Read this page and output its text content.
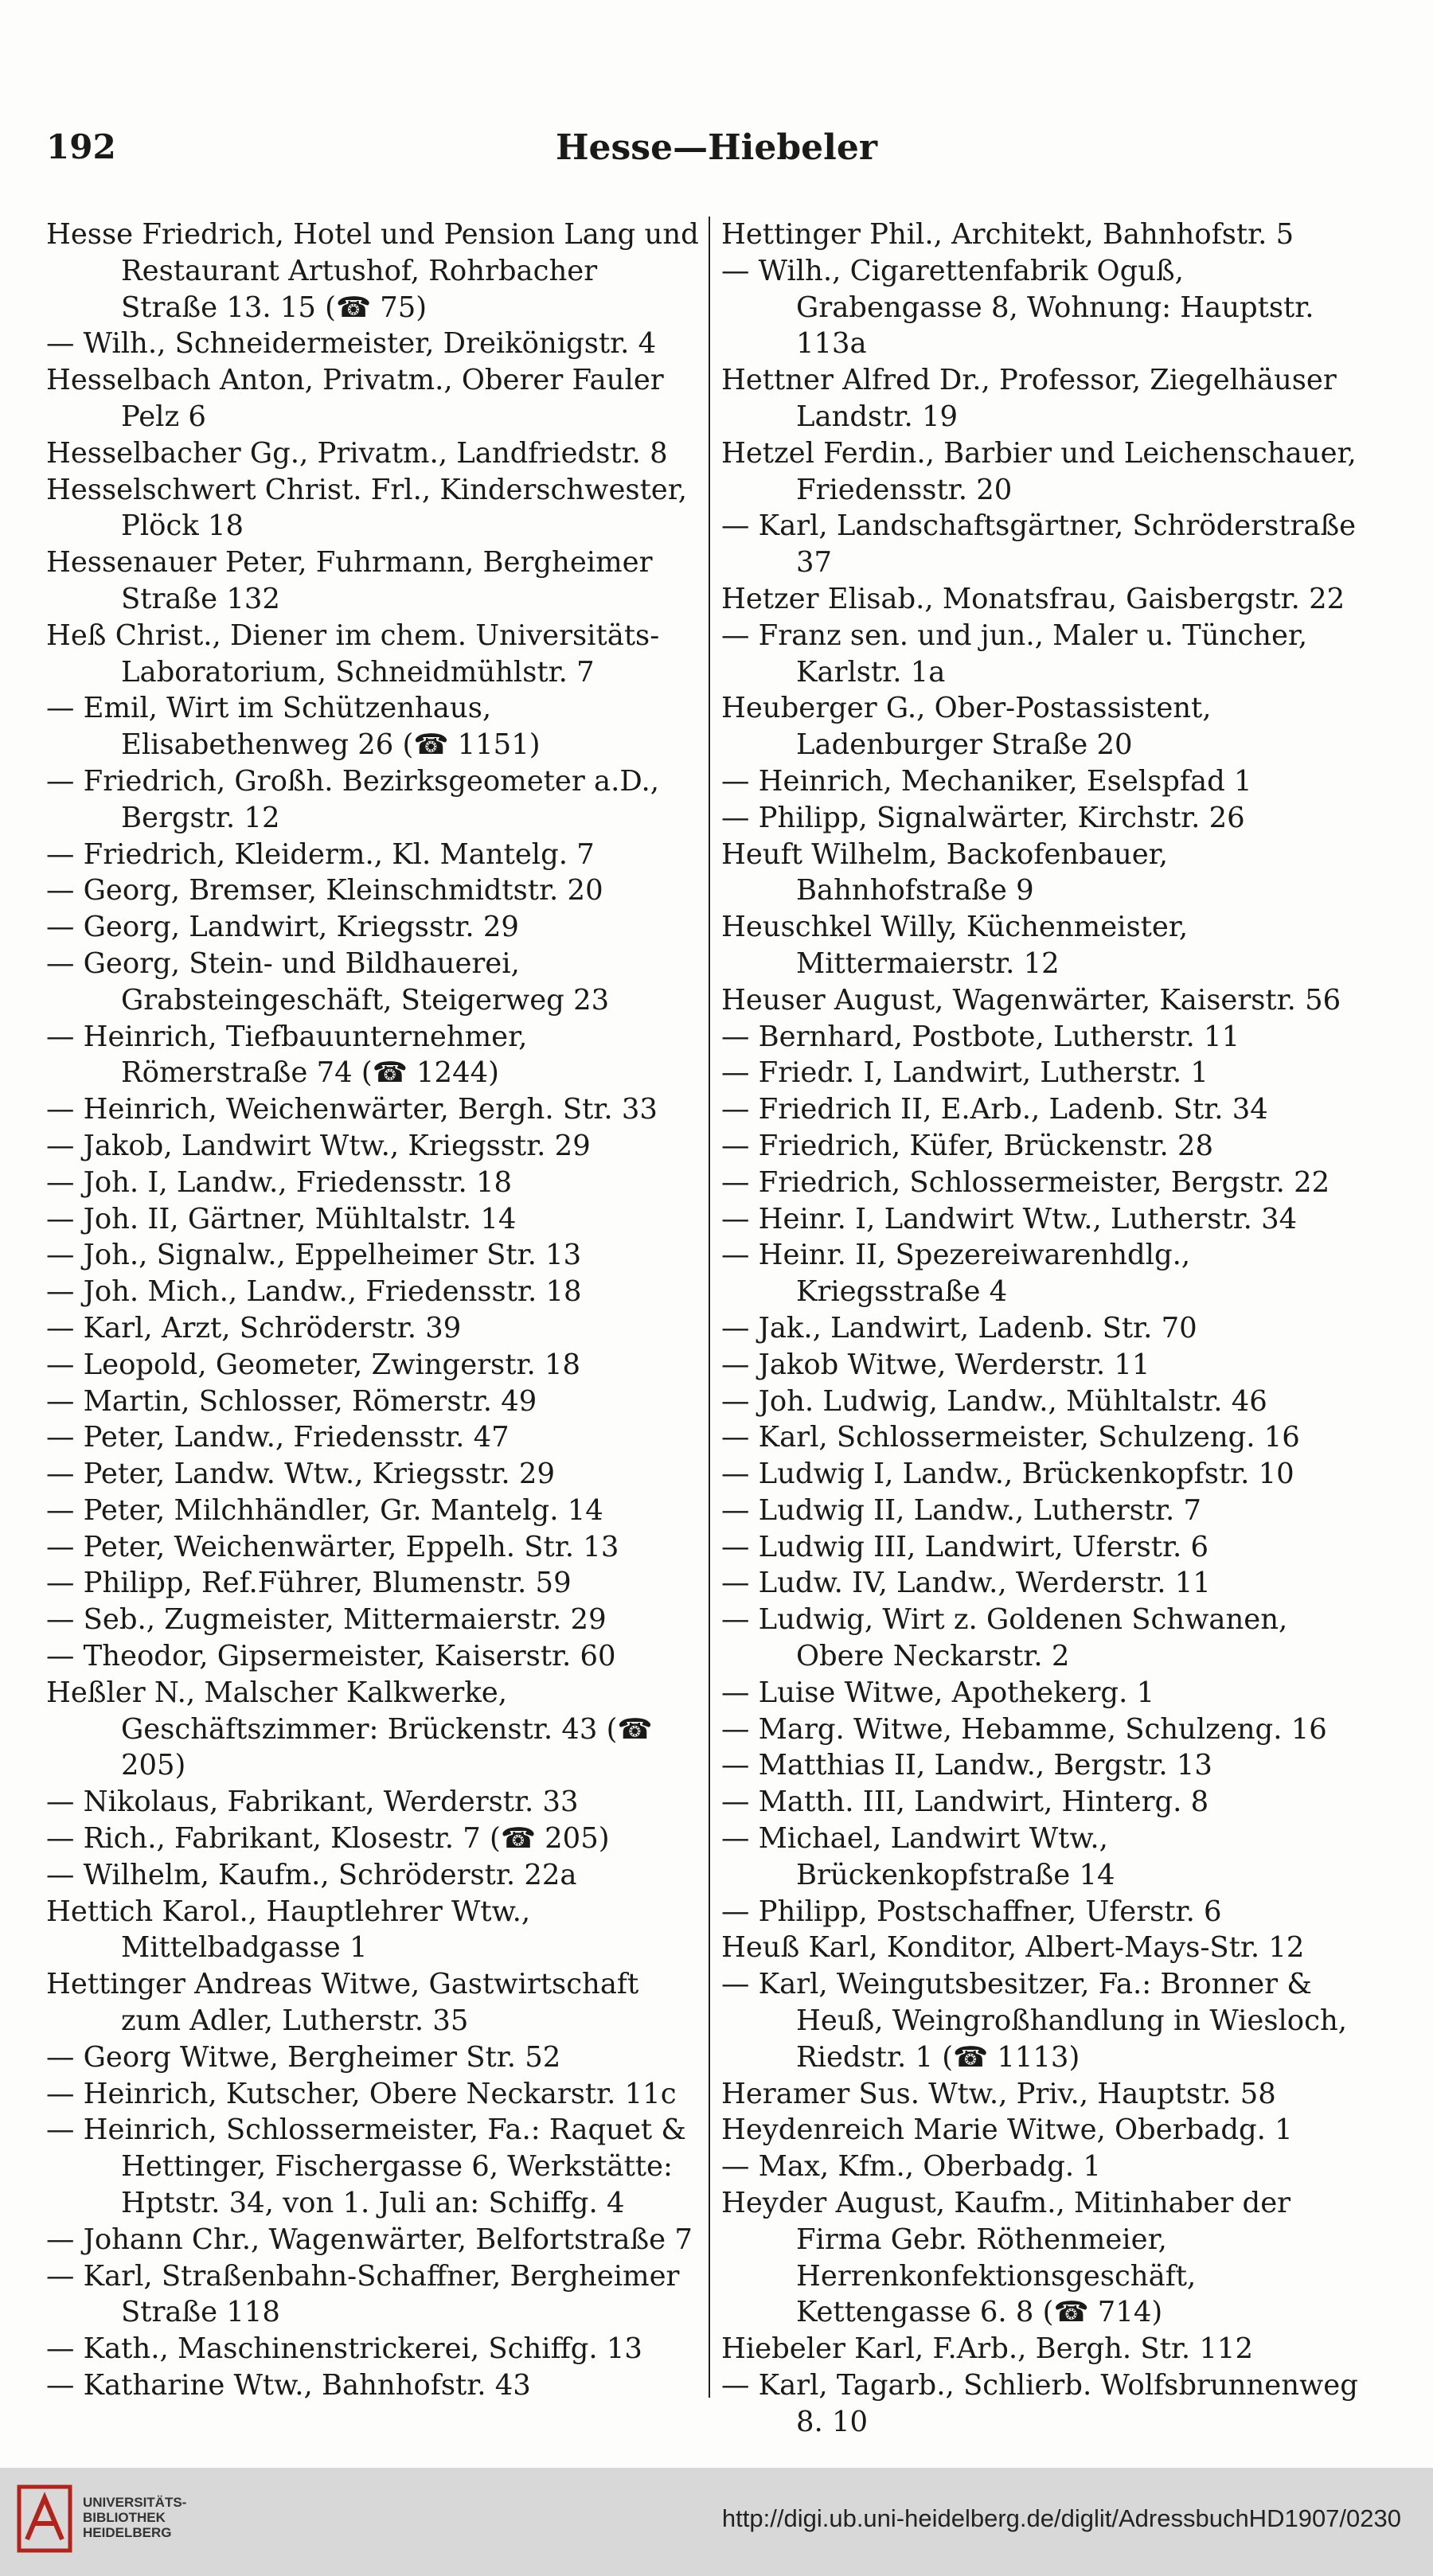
192	Hesse—Hiebeler
Hesse Friedrich, Hotel und Pension Lang und Restaurant Artushof, Rohrbacher Straße 13. 15 (☎ 75)
— Wilh., Schneidermeister, Dreikönigstr. 4
Hesselbach Anton, Privatm., Oberer Fauler Pelz 6
Hesselbacher Gg., Privatm., Landfriedstr. 8
Hesselschwert Christ. Frl., Kinderschwester, Plöck 18
Hessenauer Peter, Fuhrmann, Bergheimer Straße 132
Heß Christ., Diener im chem. Universitäts-Laboratorium, Schneidmühlstr. 7
— Emil, Wirt im Schützenhaus, Elisabethenweg 26 (☎ 1151)
— Friedrich, Großh. Bezirksgeometer a.D., Bergstr. 12
— Friedrich, Kleiderm., Kl. Mantelg. 7
— Georg, Bremser, Kleinschmidtstr. 20
— Georg, Landwirt, Kriegsstr. 29
— Georg, Stein- und Bildhauerei, Grabsteingeschäft, Steigerweg 23
— Heinrich, Tiefbauunternehmer, Römerstraße 74 (☎ 1244)
— Heinrich, Weichenwärter, Bergh. Str. 33
— Jakob, Landwirt Wtw., Kriegsstr. 29
— Joh. I, Landw., Friedensstr. 18
— Joh. II, Gärtner, Mühltalstr. 14
— Joh., Signalw., Eppelheimer Str. 13
— Joh. Mich., Landw., Friedensstr. 18
— Karl, Arzt, Schröderstr. 39
— Leopold, Geometer, Zwingerstr. 18
— Martin, Schlosser, Römerstr. 49
— Peter, Landw., Friedensstr. 47
— Peter, Landw. Wtw., Kriegsstr. 29
— Peter, Milchhändler, Gr. Mantelg. 14
— Peter, Weichenwärter, Eppelh. Str. 13
— Philipp, Ref.Führer, Blumenstr. 59
— Seb., Zugmeister, Mittermaierstr. 29
— Theodor, Gipsermeister, Kaiserstr. 60
Heßler N., Malscher Kalkwerke, Geschäftszimmer: Brückenstr. 43 (☎ 205)
— Nikolaus, Fabrikant, Werderstr. 33
— Rich., Fabrikant, Klosestr. 7 (☎ 205)
— Wilhelm, Kaufm., Schröderstr. 22a
Hettich Karol., Hauptlehrer Wtw., Mittelbadgasse 1
Hettinger Andreas Witwe, Gastwirtschaft zum Adler, Lutherstr. 35
— Georg Witwe, Bergheimer Str. 52
— Heinrich, Kutscher, Obere Neckarstr. 11c
— Heinrich, Schlossermeister, Fa.: Raquet & Hettinger, Fischergasse 6, Werkstätte: Hptstr. 34, von 1. Juli an: Schiffg. 4
— Johann Chr., Wagenwärter, Belfortstraße 7
— Karl, Straßenbahn-Schaffner, Bergheimer Straße 118
— Kath., Maschinenstrickerei, Schiffg. 13
— Katharine Wtw., Bahnhofstr. 43
Hettinger Phil., Architekt, Bahnhofstr. 5
— Wilh., Cigarettenfabrik Oguß, Grabengasse 8, Wohnung: Hauptstr. 113a
Hettner Alfred Dr., Professor, Ziegelhäuser Landstr. 19
Hetzel Ferdin., Barbier und Leichenschauer, Friedensstr. 20
— Karl, Landschaftsgärtner, Schröderstraße 37
Hetzer Elisab., Monatsfrau, Gaisbergstr. 22
— Franz sen. und jun., Maler u. Tüncher, Karlstr. 1a
Heuberger G., Ober-Postassistent, Ladenburger Straße 20
— Heinrich, Mechaniker, Eselspfad 1
— Philipp, Signalwärter, Kirchstr. 26
Heuft Wilhelm, Backofenbauer, Bahnhofstraße 9
Heuschkel Willy, Küchenmeister, Mittermaierstr. 12
Heuser August, Wagenwärter, Kaiserstr. 56
— Bernhard, Postbote, Lutherstr. 11
— Friedr. I, Landwirt, Lutherstr. 1
— Friedrich II, E.Arb., Ladenb. Str. 34
— Friedrich, Küfer, Brückenstr. 28
— Friedrich, Schlossermeister, Bergstr. 22
— Heinr. I, Landwirt Wtw., Lutherstr. 34
— Heinr. II, Spezereiwarenhdlg., Kriegsstraße 4
— Jak., Landwirt, Ladenb. Str. 70
— Jakob Witwe, Werderstr. 11
— Joh. Ludwig, Landw., Mühltalstr. 46
— Karl, Schlossermeister, Schulzeng. 16
— Ludwig I, Landw., Brückenkopfstr. 10
— Ludwig II, Landw., Lutherstr. 7
— Ludwig III, Landwirt, Uferstr. 6
— Ludw. IV, Landw., Werderstr. 11
— Ludwig, Wirt z. Goldenen Schwanen, Obere Neckarstr. 2
— Luise Witwe, Apothekerg. 1
— Marg. Witwe, Hebamme, Schulzeng. 16
— Matthias II, Landw., Bergstr. 13
— Matth. III, Landwirt, Hinterg. 8
— Michael, Landwirt Wtw., Brückenkopfstraße 14
— Philipp, Postschaffner, Uferstr. 6
Heuß Karl, Konditor, Albert-Mays-Str. 12
— Karl, Weingutsbesitzer, Fa.: Bronner & Heuß, Weingroßhandlung in Wiesloch, Riedstr. 1 (☎ 1113)
Heramer Sus. Wtw., Priv., Hauptstr. 58
Heydenreich Marie Witwe, Oberbadg. 1
— Max, Kfm., Oberbadg. 1
Heyder August, Kaufm., Mitinhaber der Firma Gebr. Röthenmeier, Herrenkonfektionsgeschäft, Kettengasse 6. 8 (☎ 714)
Hiebeler Karl, F.Arb., Bergh. Str. 112
— Karl, Tagarb., Schlierb. Wolfsbrunnenweg 8. 10
UNIVERSITÄTS-
BIBLIOTHEK
HEIDELBERG
http://digi.ub.uni-heidelberg.de/diglit/AdressbuchHD1907/0230
